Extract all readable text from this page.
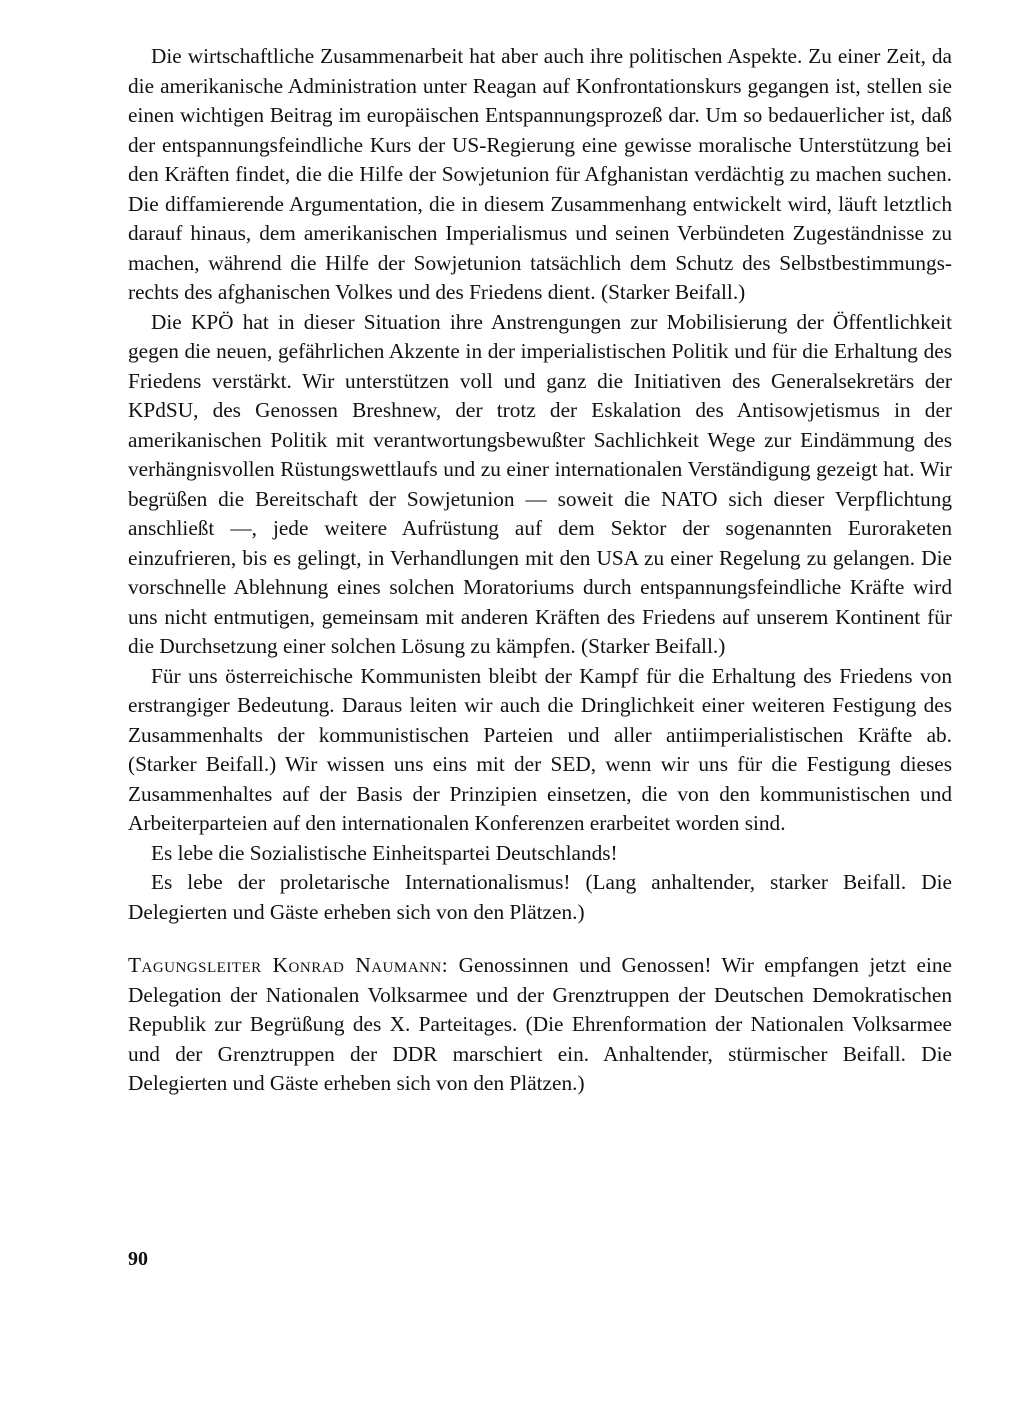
Die wirtschaftliche Zusammenarbeit hat aber auch ihre politischen Aspekte. Zu einer Zeit, da die amerikanische Administration unter Reagan auf Konfrontationskurs gegangen ist, stellen sie einen wichtigen Beitrag im europäischen Entspannungsprozeß dar. Um so bedauerlicher ist, daß der entspannungsfeindliche Kurs der US-Regierung eine gewisse moralische Unterstützung bei den Kräften findet, die die Hilfe der Sowjetunion für Afghanistan verdächtig zu machen suchen. Die diffamierende Argumentation, die in diesem Zusammenhang entwickelt wird, läuft letztlich darauf hinaus, dem amerikanischen Imperialismus und seinen Verbündeten Zugeständnisse zu machen, während die Hilfe der Sowjetunion tatsächlich dem Schutz des Selbstbestimmungsrechts des afghanischen Volkes und des Friedens dient. (Starker Beifall.)

Die KPÖ hat in dieser Situation ihre Anstrengungen zur Mobilisierung der Öffentlichkeit gegen die neuen, gefährlichen Akzente in der imperialistischen Politik und für die Erhaltung des Friedens verstärkt. Wir unterstützen voll und ganz die Initiativen des Generalsekretärs der KPdSU, des Genossen Breshnew, der trotz der Eskalation des Antisowjetismus in der amerikanischen Politik mit verantwortungsbewußter Sachlichkeit Wege zur Eindämmung des verhängnisvollen Rüstungswettlaufs und zu einer internationalen Verständigung gezeigt hat. Wir begrüßen die Bereitschaft der Sowjetunion — soweit die NATO sich dieser Verpflichtung anschließt —, jede weitere Aufrüstung auf dem Sektor der sogenannten Euroraketen einzufrieren, bis es gelingt, in Verhandlungen mit den USA zu einer Regelung zu gelangen. Die vorschnelle Ablehnung eines solchen Moratoriums durch entspannungsfeindliche Kräfte wird uns nicht entmutigen, gemeinsam mit anderen Kräften des Friedens auf unserem Kontinent für die Durchsetzung einer solchen Lösung zu kämpfen. (Starker Beifall.)

Für uns österreichische Kommunisten bleibt der Kampf für die Erhaltung des Friedens von erstrangiger Bedeutung. Daraus leiten wir auch die Dringlichkeit einer weiteren Festigung des Zusammenhalts der kommunistischen Parteien und aller antiimperialistischen Kräfte ab. (Starker Beifall.) Wir wissen uns eins mit der SED, wenn wir uns für die Festigung dieses Zusammenhaltes auf der Basis der Prinzipien einsetzen, die von den kommunistischen und Arbeiterparteien auf den internationalen Konferenzen erarbeitet worden sind.

Es lebe die Sozialistische Einheitspartei Deutschlands!

Es lebe der proletarische Internationalismus! (Lang anhaltender, starker Beifall. Die Delegierten und Gäste erheben sich von den Plätzen.)

Tagungsleiter Konrad Naumann: Genossinnen und Genossen! Wir empfangen jetzt eine Delegation der Nationalen Volksarmee und der Grenztruppen der Deutschen Demokratischen Republik zur Begrüßung des X. Parteitages. (Die Ehrenformation der Nationalen Volksarmee und der Grenztruppen der DDR marschiert ein. Anhaltender, stürmischer Beifall. Die Delegierten und Gäste erheben sich von den Plätzen.)

90
